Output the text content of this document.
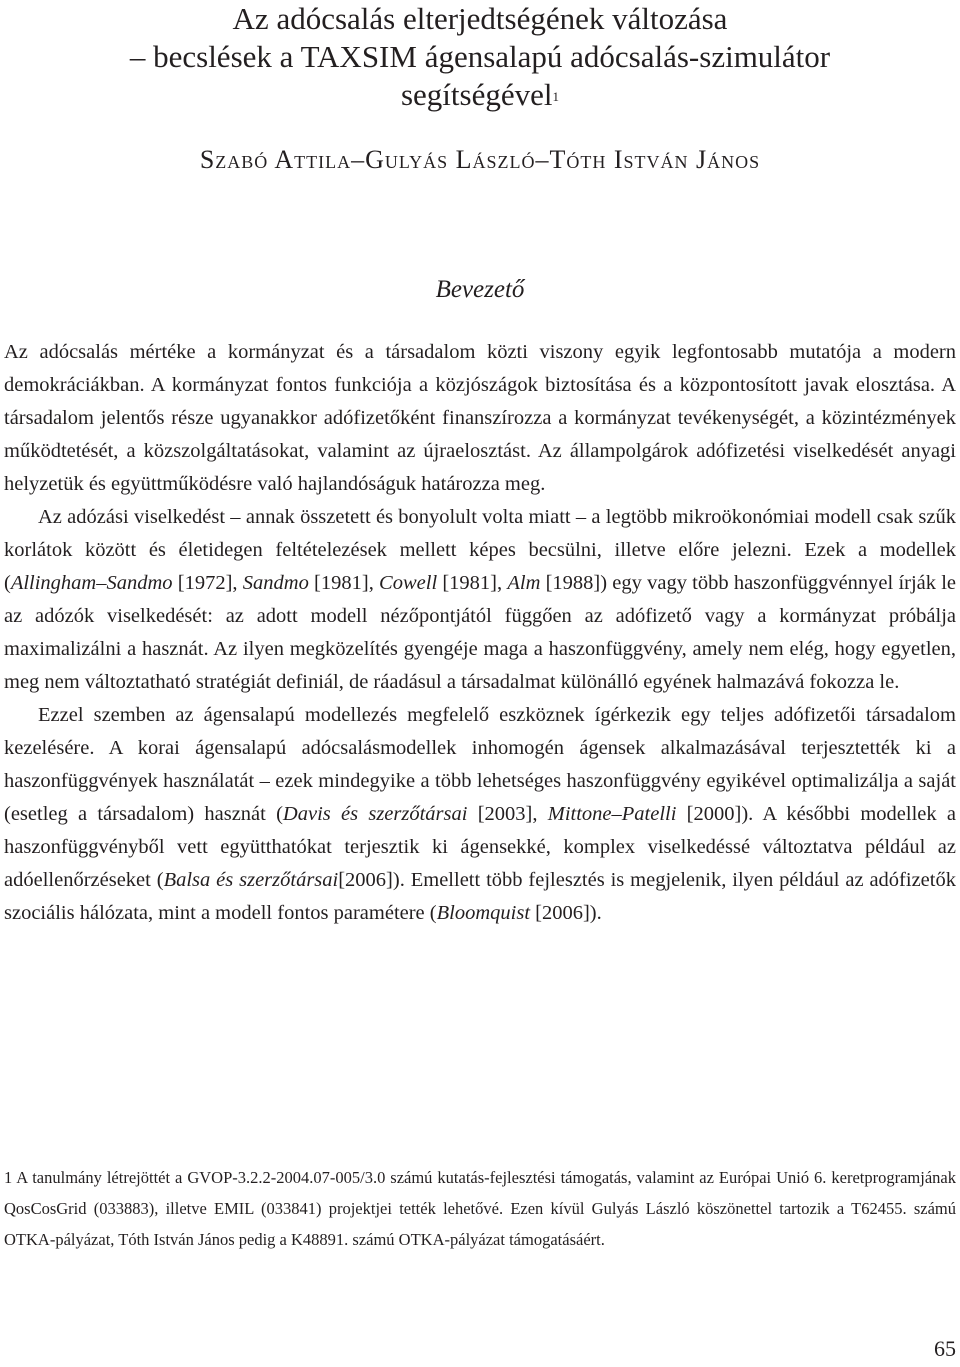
Az adócsalás elterjedtségének változása
– becslések a TAXSIM ágensalapú adócsalás-szimulátor
segítségével$^1$
Szabó Attila–Gulyás László–Tóth István János
Bevezető

Az adócsalás mértéke a kormányzat és a társadalom közti viszony egyik legfontosabb mutatója a modern demokráciákban. A kormányzat fontos funkciója a közjószágok biztosítása és a központosított javak elosztása. A társadalom jelentős része ugyanakkor adófizetőként finanszírozza a kormányzat tevékenységét, a közintézmények működtetését, a közszolgáltatásokat, valamint az újraelosztást. Az állampolgárok adófizetési viselkedését anyagi helyzetük és együttműködésre való hajlandóságuk határozza meg.

Az adózási viselkedést – annak összetett és bonyolult volta miatt – a legtöbb mikroökonómiai modell csak szűk korlátok között és életidegen feltételezések mellett képes becsülni, illetve előre jelezni. Ezek a modellek (Allingham–Sandmo [1972], Sandmo [1981], Cowell [1981], Alm [1988]) egy vagy több haszonfüggvénnyel írják le az adózók viselkedését: az adott modell nézőpontjától függően az adófizető vagy a kormányzat próbálja maximalizálni a hasznát. Az ilyen megközelítés gyengéje maga a haszonfüggvény, amely nem elég, hogy egyetlen, meg nem változtatható stratégiát definiál, de ráadásul a társadalmat különálló egyének halmazává fokozza le.

Ezzel szemben az ágensalapú modellezés megfelelő eszköznek ígérkezik egy teljes adófizetői társadalom kezelésére. A korai ágensalapú adócsalásmodellek inhomogén ágensek alkalmazásával terjesztették ki a haszonfüggvények használatát – ezek mindegyike a több lehetséges haszonfüggvény egyikével optimalizálja a saját (esetleg a társadalom) hasznát (Davis és szerzőtársai [2003], Mittone–Patelli [2000]). A későbbi modellek a haszonfüggvényből vett együtthatókat terjesztik ki ágensekké, komplex viselkedéssé változtatva például az adóellenőrzéseket (Balsa és szerzőtársai[2006]). Emellett több fejlesztés is megjelenik, ilyen például az adófizetők szociális hálózata, mint a modell fontos paramétere (Bloomquist [2006]).

1 A tanulmány létrejöttét a GVOP-3.2.2-2004.07-005/3.0 számú kutatás-fejlesztési támogatás, valamint az Európai Unió 6. keretprogramjának QosCosGrid (033883), illetve EMIL (033841) projektjei tették lehetővé. Ezen kívül Gulyás László köszönettel tartozik a T62455. számú OTKA-pályázat, Tóth István János pedig a K48891. számú OTKA-pályázat támogatásáért.
65
